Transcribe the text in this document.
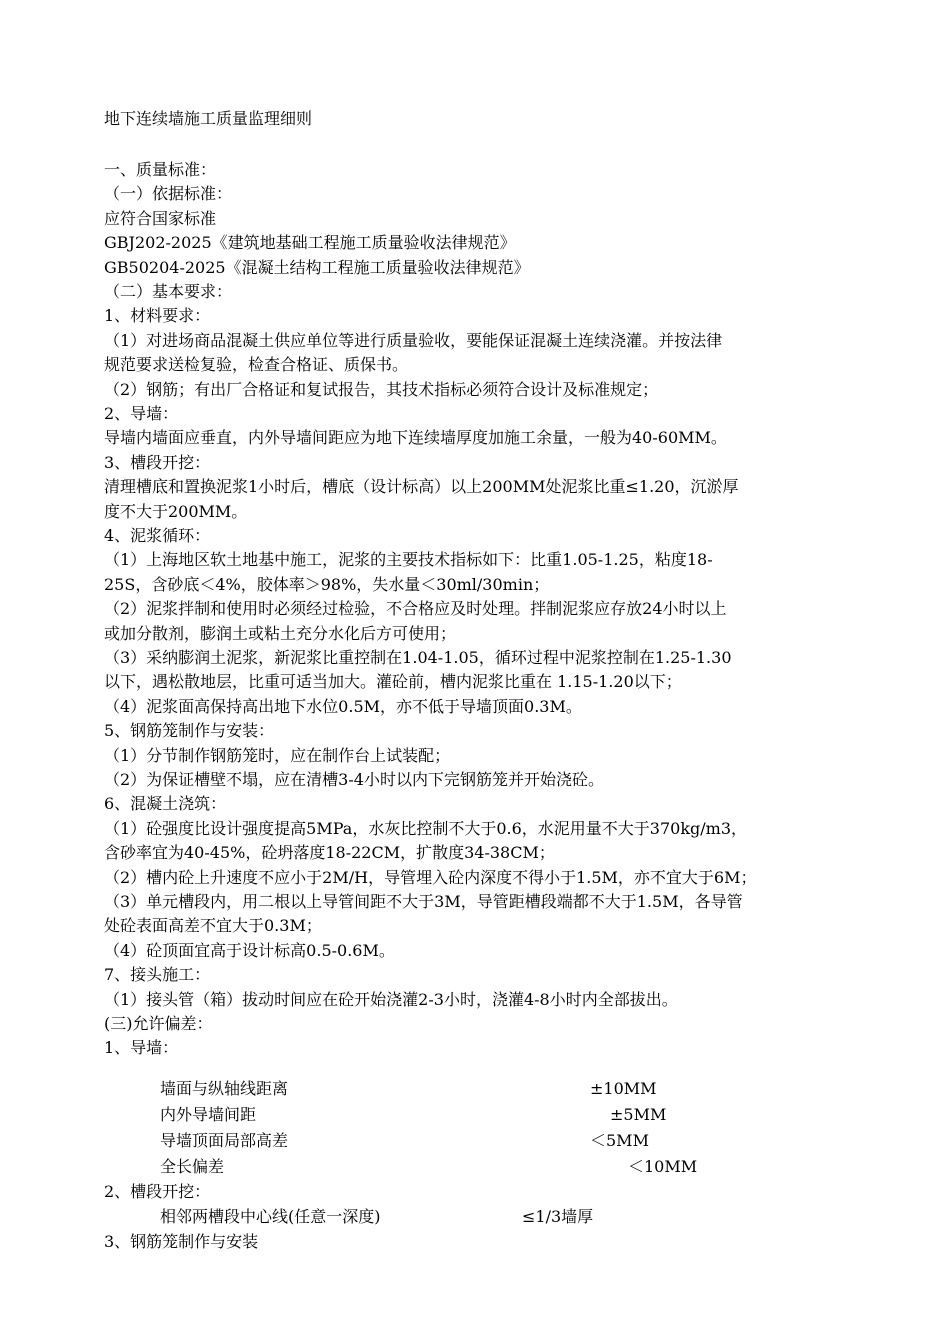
地下连续墙施工质量监理细则
一、质量标准：
（一）依据标准：
应符合国家标准
GBJ202-2025《建筑地基础工程施工质量验收法律规范》
GB50204-2025《混凝土结构工程施工质量验收法律规范》
（二）基本要求：
1、材料要求：
（1）对进场商品混凝土供应单位等进行质量验收，要能保证混凝土连续浇灌。并按法律
规范要求送检复验，检查合格证、质保书。
（2）钢筋；有出厂合格证和复试报告，其技术指标必须符合设计及标准规定；
2、导墙：
导墙内墙面应垂直，内外导墙间距应为地下连续墙厚度加施工余量，一般为40-60MM。
3、槽段开挖：
清理槽底和置换泥浆1小时后，槽底（设计标高）以上200MM处泥浆比重≤1.20，沉淤厚
度不大于200MM。
4、泥浆循环：
（1）上海地区软土地基中施工，泥浆的主要技术指标如下：比重1.05-1.25，粘度18-
25S，含砂底＜4%，胶体率＞98%，失水量＜30ml/30min；
（2）泥浆拌制和使用时必须经过检验，不合格应及时处理。拌制泥浆应存放24小时以上
或加分散剂，膨润土或粘土充分水化后方可使用；
（3）采纳膨润土泥浆，新泥浆比重控制在1.04-1.05，循环过程中泥浆控制在1.25-1.30
以下，遇松散地层，比重可适当加大。灌砼前，槽内泥浆比重在 1.15-1.20以下；
（4）泥浆面高保持高出地下水位0.5M，亦不低于导墙顶面0.3M。
5、钢筋笼制作与安装：
（1）分节制作钢筋笼时，应在制作台上试装配；
（2）为保证槽壁不塌，应在清槽3-4小时以内下完钢筋笼并开始浇砼。
6、混凝土浇筑：
（1）砼强度比设计强度提高5MPa，水灰比控制不大于0.6，水泥用量不大于370kg/m3，
含砂率宜为40-45%，砼坍落度18-22CM，扩散度34-38CM；
（2）槽内砼上升速度不应小于2M/H，导管埋入砼内深度不得小于1.5M，亦不宜大于6M；
（3）单元槽段内，用二根以上导管间距不大于3M，导管距槽段端都不大于1.5M，各导管
处砼表面高差不宜大于0.3M；
（4）砼顶面宜高于设计标高0.5-0.6M。
7、接头施工：
（1）接头管（箱）拔动时间应在砼开始浇灌2-3小时，浇灌4-8小时内全部拔出。
(三)允许偏差：
1、导墙：
墙面与纵轴线距离	±10MM
内外导墙间距	±5MM
导墙顶面局部高差	＜5MM
全长偏差	＜10MM
2、槽段开挖：
相邻两槽段中心线(任意一深度)	≤1/3墙厚
3、钢筋笼制作与安装
